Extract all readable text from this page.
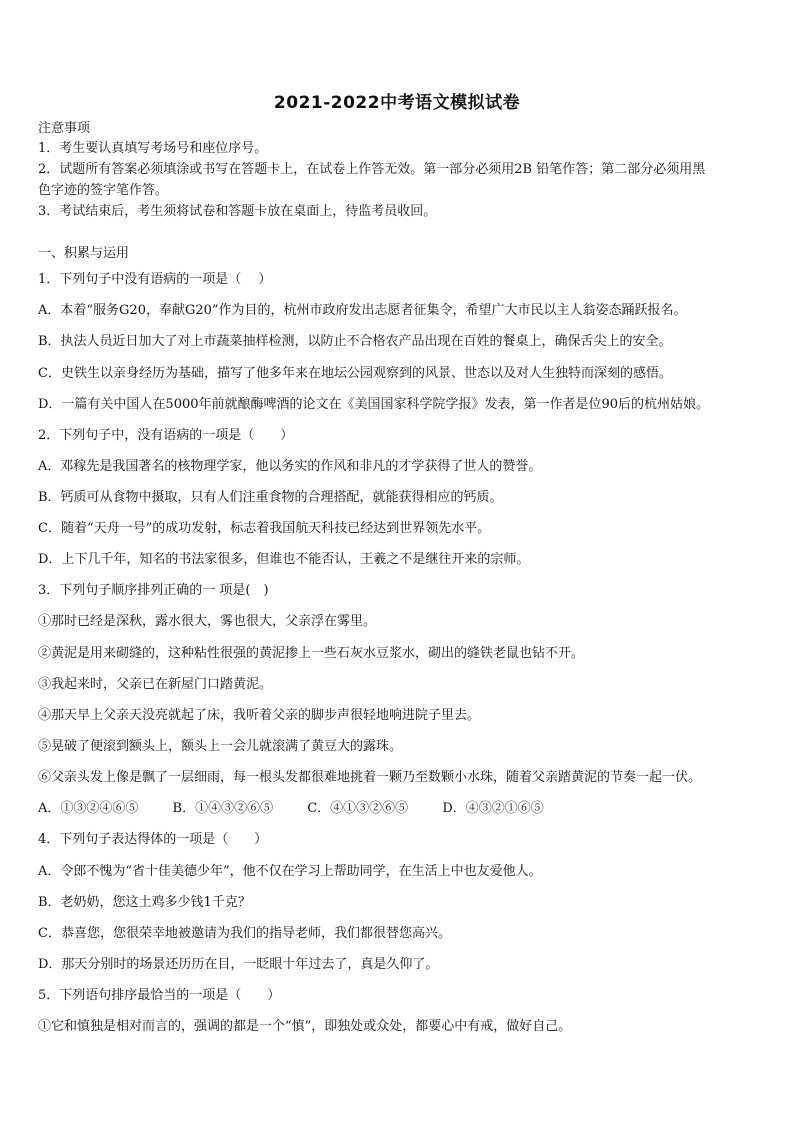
2021-2022中考语文模拟试卷
注意事项
1．考生要认真填写考场号和座位序号。
2．试题所有答案必须填涂或书写在答题卡上，在试卷上作答无效。第一部分必须用2B 铅笔作答；第二部分必须用黑
色字迹的签字笔作答。
3．考试结束后，考生须将试卷和答题卡放在桌面上，待监考员收回。
一、积累与运用
1．下列句子中没有语病的一项是（　 ）
A．本着“服务G20，奉献G20”作为目的，杭州市政府发出志愿者征集令，希望广大市民以主人翁姿态踊跃报名。
B．执法人员近日加大了对上市蔬菜抽样检测，以防止不合格农产品出现在百姓的餐桌上，确保舌尖上的安全。
C．史铁生以亲身经历为基础，描写了他多年来在地坛公园观察到的风景、世态以及对人生独特而深刻的感悟。
D．一篇有关中国人在5000年前就酿酶啤酒的论文在《美国国家科学院学报》发表，第一作者是位90后的杭州姑娘。
2．下列句子中，没有语病的一项是（　　）
A．邓稼先是我国著名的核物理学家，他以务实的作风和非凡的才学获得了世人的赞誉。
B．钙质可从食物中摄取，只有人们注重食物的合理搭配，就能获得相应的钙质。
C．随着“天舟一号”的成功发射，标志着我国航天科技已经达到世界领先水平。
D．上下几千年，知名的书法家很多，但谁也不能否认，王羲之不是继往开来的宗师。
3．下列句子顺序排列正确的一 项是(　)
①那时已经是深秋，露水很大，雾也很大，父亲浮在雾里。
②黄泥是用来砌缝的，这种粘性很强的黄泥掺上一些石灰水豆浆水，砌出的缝铁老鼠也钻不开。
③我起来时，父亲已在新屋门口踏黄泥。
④那天早上父亲天没亮就起了床，我听着父亲的脚步声很轻地响进院子里去。
⑤晃破了便滚到额头上，额头上一会儿就滚满了黄豆大的露珠。
⑥父亲头发上像是飘了一层细雨，每一根头发都很难地挑着一颗乃至数颗小水珠，随着父亲踏黄泥的节奏一起一伏。
A．①③②④⑥⑤	B．①④③②⑥⑤	C．④①③②⑥⑤	D．④③②①⑥⑤
4．下列句子表达得体的一项是（　　）
A．令郎不愧为“省十佳美德少年”，他不仅在学习上帮助同学，在生活上中也友爱他人。
B．老奶奶，您这土鸡多少钱1千克？
C．恭喜您，您很荣幸地被邀请为我们的指导老师，我们都很替您高兴。
D．那天分别时的场景还历历在目，一眨眼十年过去了，真是久仰了。
5．下列语句排序最恰当的一项是（　　）
①它和慎独是相对而言的，强调的都是一个“慎”，即独处或众处，都要心中有戒，做好自己。
